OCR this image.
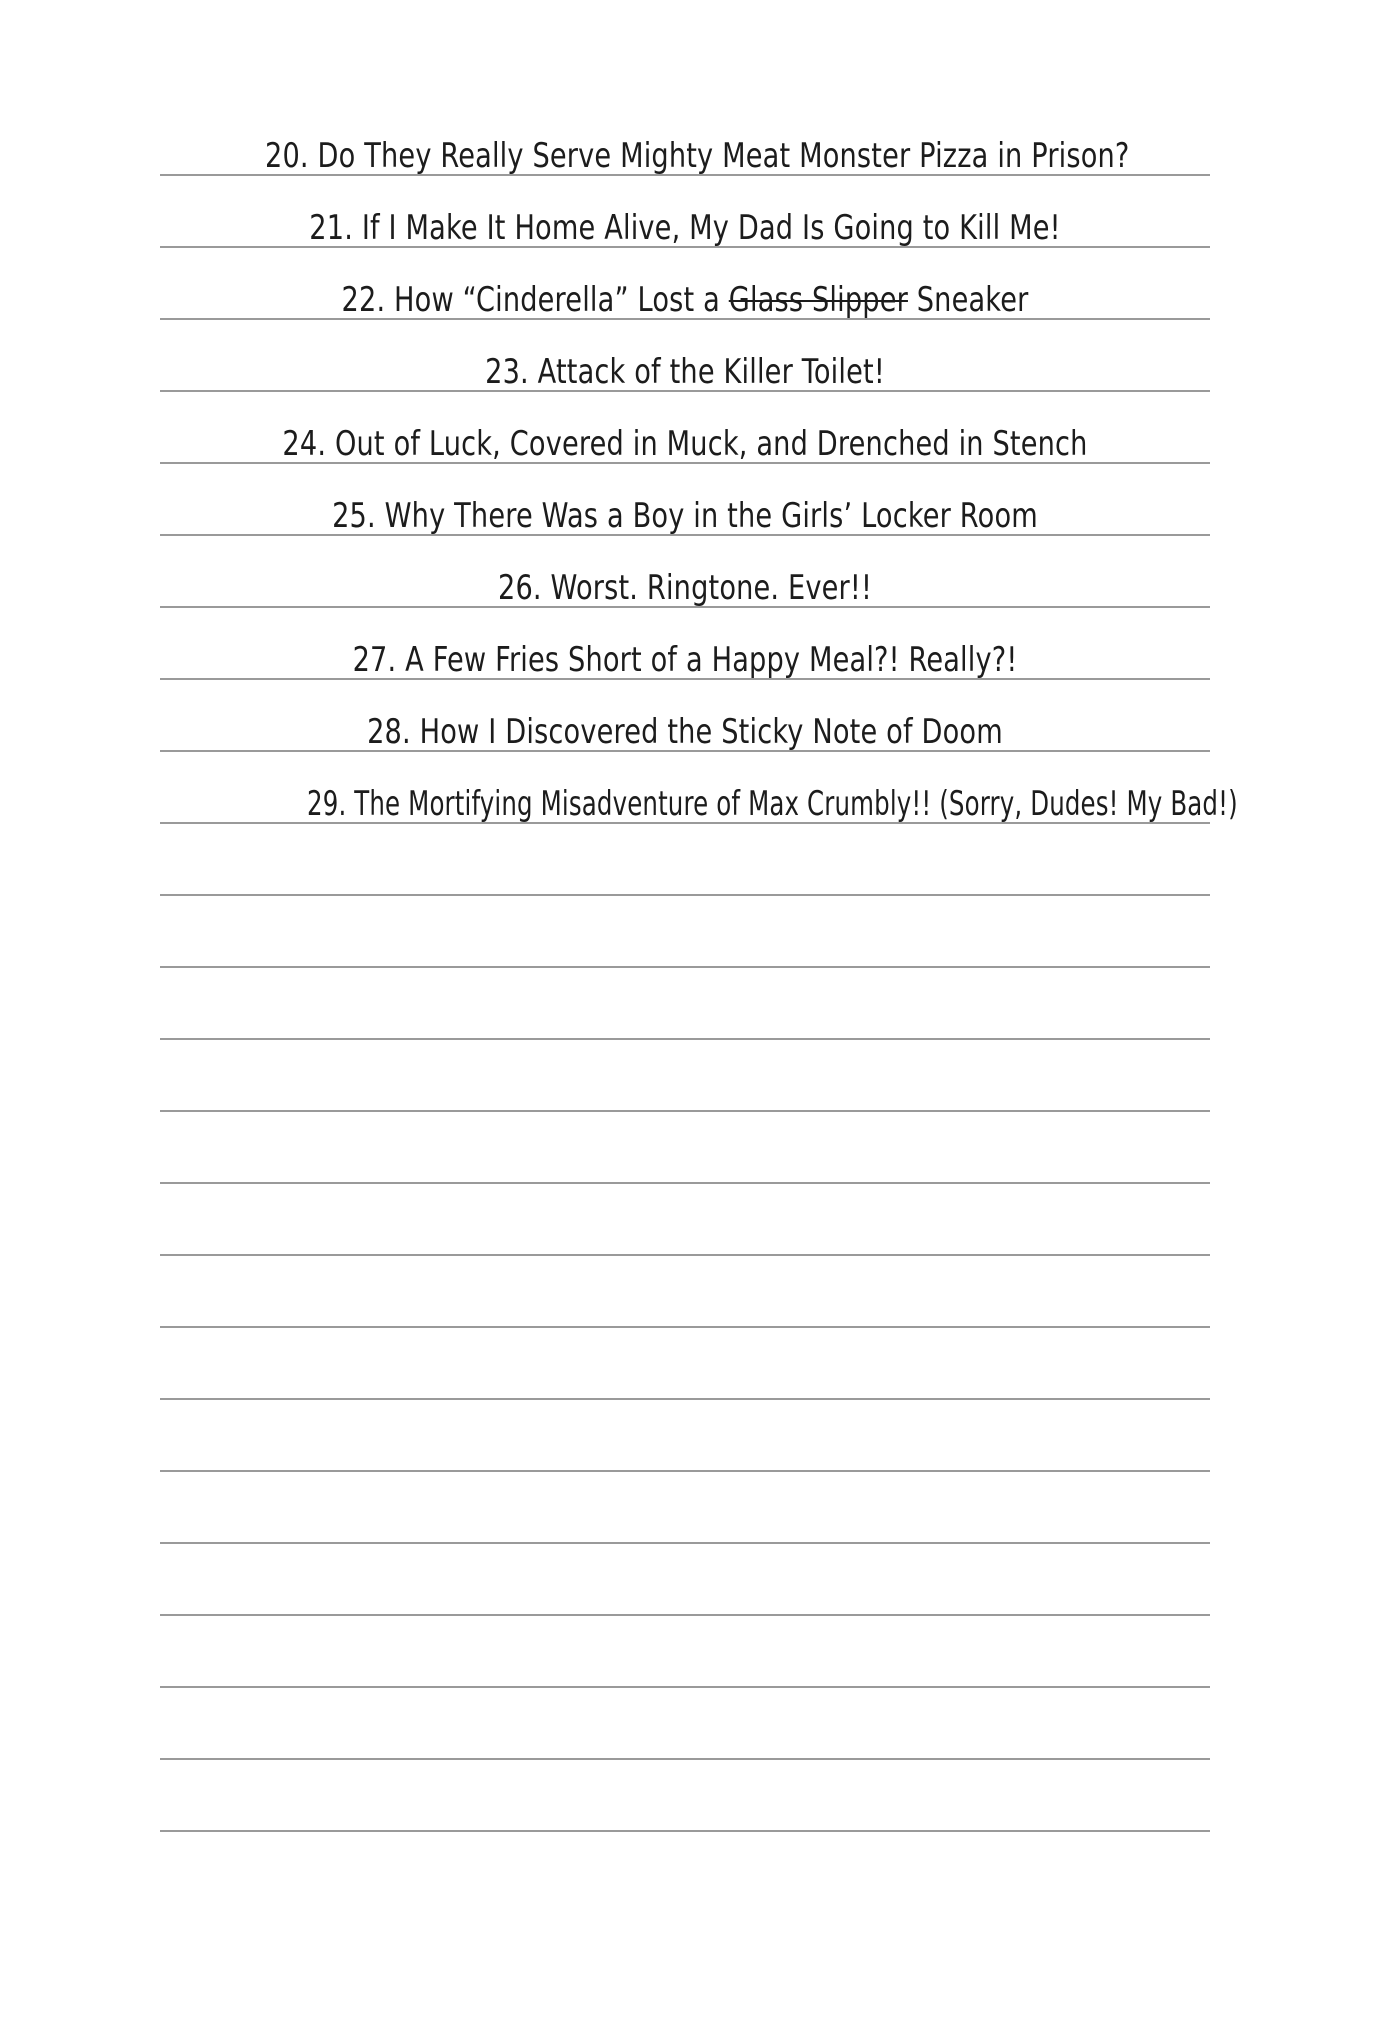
20. Do They Really Serve Mighty Meat Monster Pizza in Prison?
21. If I Make It Home Alive, My Dad Is Going to Kill Me!
22. How “Cinderella” Lost a Glass Slipper Sneaker
23. Attack of the Killer Toilet!
24. Out of Luck, Covered in Muck, and Drenched in Stench
25. Why There Was a Boy in the Girls’ Locker Room
26. Worst. Ringtone. Ever!!
27. A Few Fries Short of a Happy Meal?! Really?!
28. How I Discovered the Sticky Note of Doom
29. The Mortifying Misadventure of Max Crumbly!! (Sorry, Dudes! My Bad!)
